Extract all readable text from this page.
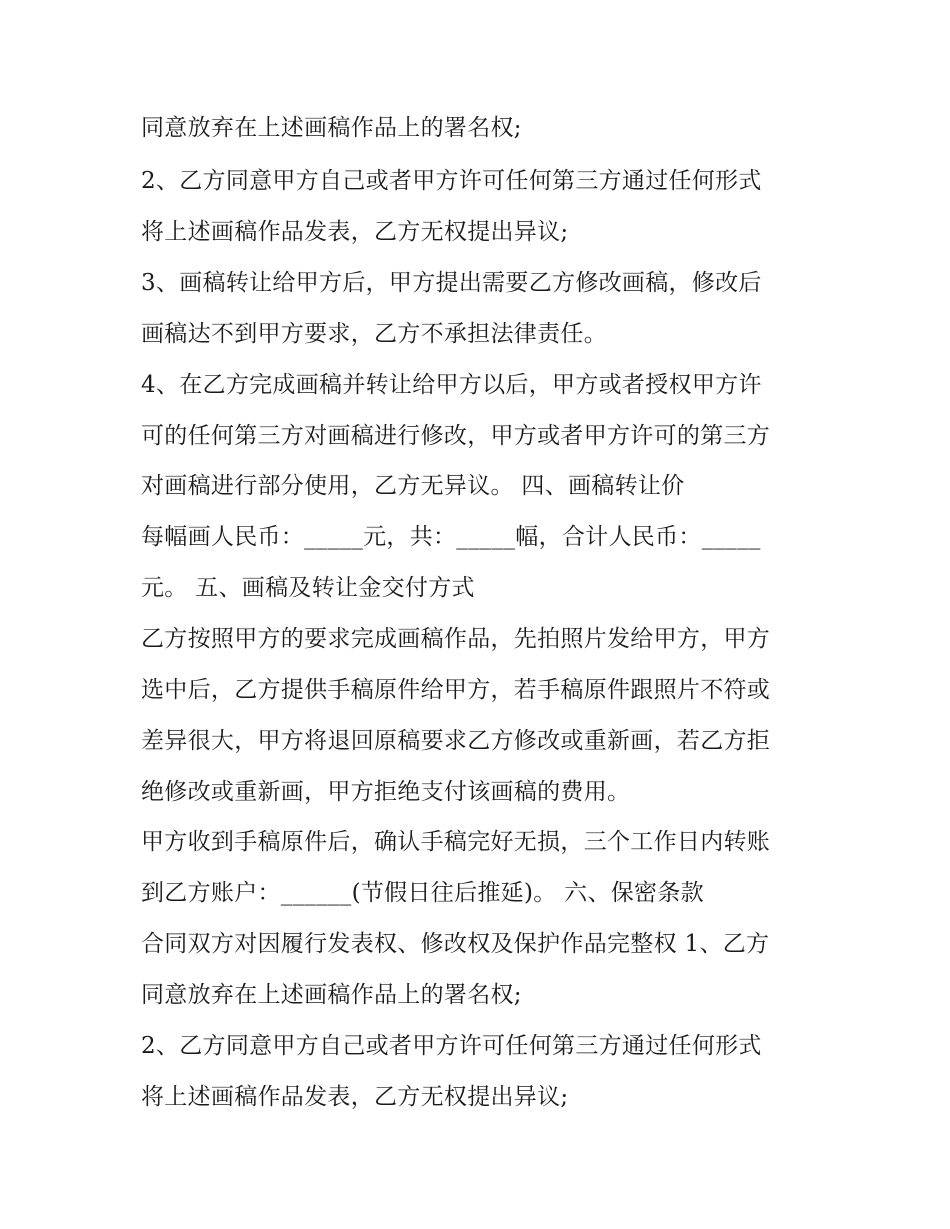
同意放弃在上述画稿作品上的署名权;
2、乙方同意甲方自己或者甲方许可任何第三方通过任何形式
将上述画稿作品发表，乙方无权提出异议;
3、画稿转让给甲方后，甲方提出需要乙方修改画稿，修改后
画稿达不到甲方要求，乙方不承担法律责任。
4、在乙方完成画稿并转让给甲方以后，甲方或者授权甲方许
可的任何第三方对画稿进行修改，甲方或者甲方许可的第三方
对画稿进行部分使用，乙方无异议。 四、画稿转让价
每幅画人民币：_____元，共：_____幅，合计人民币：_____
元。 五、画稿及转让金交付方式
乙方按照甲方的要求完成画稿作品，先拍照片发给甲方，甲方
选中后，乙方提供手稿原件给甲方，若手稿原件跟照片不符或
差异很大，甲方将退回原稿要求乙方修改或重新画，若乙方拒
绝修改或重新画，甲方拒绝支付该画稿的费用。
甲方收到手稿原件后，确认手稿完好无损，三个工作日内转账
到乙方账户：______(节假日往后推延)。 六、保密条款
合同双方对因履行发表权、修改权及保护作品完整权 1、乙方
同意放弃在上述画稿作品上的署名权;
2、乙方同意甲方自己或者甲方许可任何第三方通过任何形式
将上述画稿作品发表，乙方无权提出异议;
